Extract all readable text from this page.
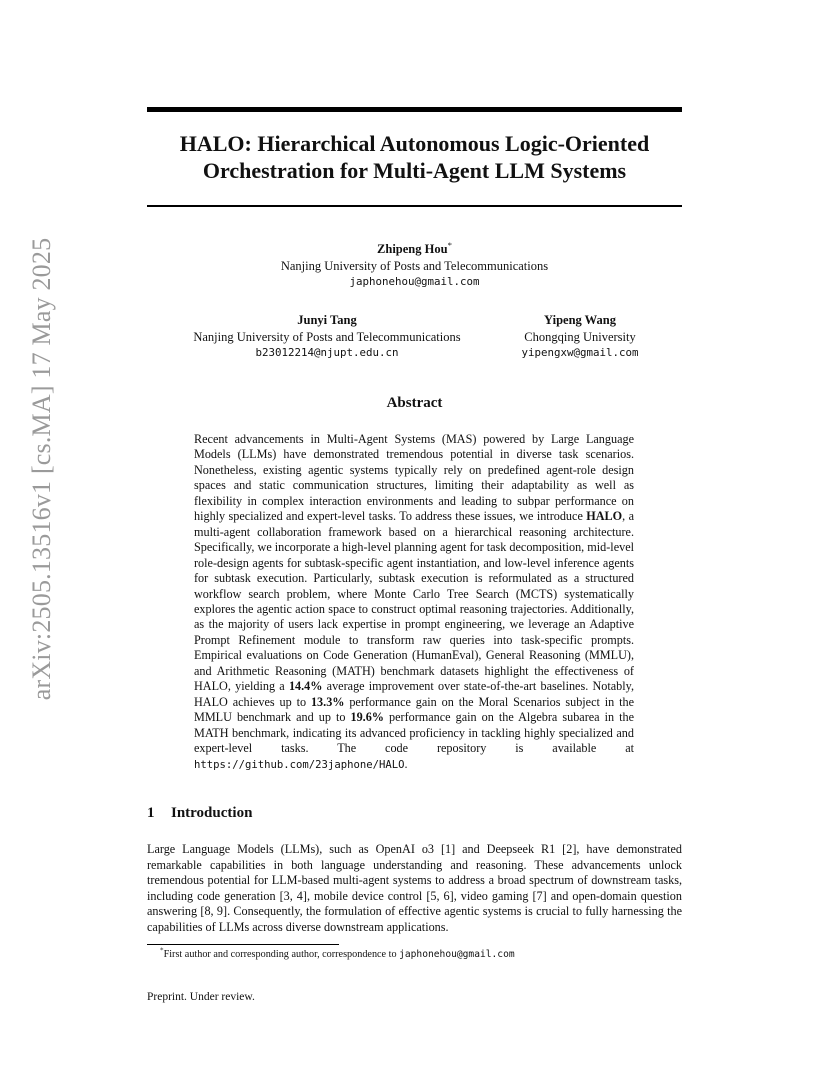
arXiv:2505.13516v1 [cs.MA] 17 May 2025
HALO: Hierarchical Autonomous Logic-Oriented
Orchestration for Multi-Agent LLM Systems
Zhipeng Hou*
Nanjing University of Posts and Telecommunications
japhonehou@gmail.com
Junyi Tang
Nanjing University of Posts and Telecommunications
b23012214@njupt.edu.cn
Yipeng Wang
Chongqing University
yipengxw@gmail.com
Abstract
Recent advancements in Multi-Agent Systems (MAS) powered by Large Language Models (LLMs) have demonstrated tremendous potential in diverse task scenarios. Nonetheless, existing agentic systems typically rely on predefined agent-role design spaces and static communication structures, limiting their adaptability as well as flexibility in complex interaction environments and leading to subpar performance on highly specialized and expert-level tasks. To address these issues, we introduce HALO, a multi-agent collaboration framework based on a hierarchical reasoning architecture. Specifically, we incorporate a high-level planning agent for task decomposition, mid-level role-design agents for subtask-specific agent instantiation, and low-level inference agents for subtask execution. Particularly, subtask execution is reformulated as a structured workflow search problem, where Monte Carlo Tree Search (MCTS) systematically explores the agentic action space to construct optimal reasoning trajectories. Additionally, as the majority of users lack expertise in prompt engineering, we leverage an Adaptive Prompt Refinement module to transform raw queries into task-specific prompts. Empirical evaluations on Code Generation (HumanEval), General Reasoning (MMLU), and Arithmetic Reasoning (MATH) benchmark datasets highlight the effectiveness of HALO, yielding a 14.4% average improvement over state-of-the-art baselines. Notably, HALO achieves up to 13.3% performance gain on the Moral Scenarios subject in the MMLU benchmark and up to 19.6% performance gain on the Algebra subarea in the MATH benchmark, indicating its advanced proficiency in tackling highly specialized and expert-level tasks. The code repository is available at https://github.com/23japhone/HALO.
1 Introduction
Large Language Models (LLMs), such as OpenAI o3 [1] and Deepseek R1 [2], have demonstrated remarkable capabilities in both language understanding and reasoning. These advancements unlock tremendous potential for LLM-based multi-agent systems to address a broad spectrum of downstream tasks, including code generation [3, 4], mobile device control [5, 6], video gaming [7] and open-domain question answering [8, 9]. Consequently, the formulation of effective agentic systems is crucial to fully harnessing the capabilities of LLMs across diverse downstream applications.
*First author and corresponding author, correspondence to japhonehou@gmail.com
Preprint. Under review.
